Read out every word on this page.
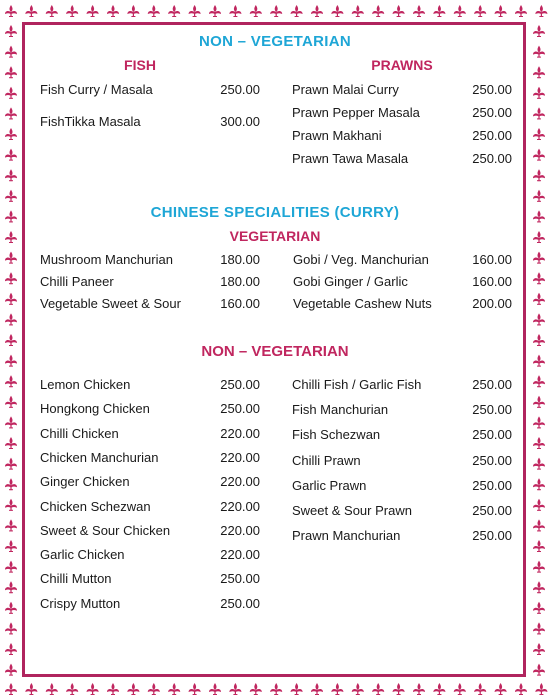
NON – VEGETARIAN
FISH	PRAWNS
Fish Curry / Masala	250.00
FishTikka Masala	300.00
Prawn Malai Curry	250.00
Prawn Pepper Masala	250.00
Prawn Makhani	250.00
Prawn Tawa Masala	250.00
CHINESE SPECIALITIES (CURRY)
VEGETARIAN
Mushroom Manchurian	180.00
Chilli Paneer	180.00
Vegetable Sweet & Sour	160.00
Gobi / Veg. Manchurian	160.00
Gobi Ginger / Garlic	160.00
Vegetable Cashew Nuts	200.00
NON – VEGETARIAN
Lemon Chicken	250.00
Hongkong Chicken	250.00
Chilli Chicken	220.00
Chicken Manchurian	220.00
Ginger Chicken	220.00
Chicken Schezwan	220.00
Sweet & Sour Chicken	220.00
Garlic Chicken	220.00
Chilli Mutton	250.00
Crispy Mutton	250.00
Chilli Fish / Garlic Fish	250.00
Fish Manchurian	250.00
Fish Schezwan	250.00
Chilli Prawn	250.00
Garlic Prawn	250.00
Sweet & Sour Prawn	250.00
Prawn Manchurian	250.00
